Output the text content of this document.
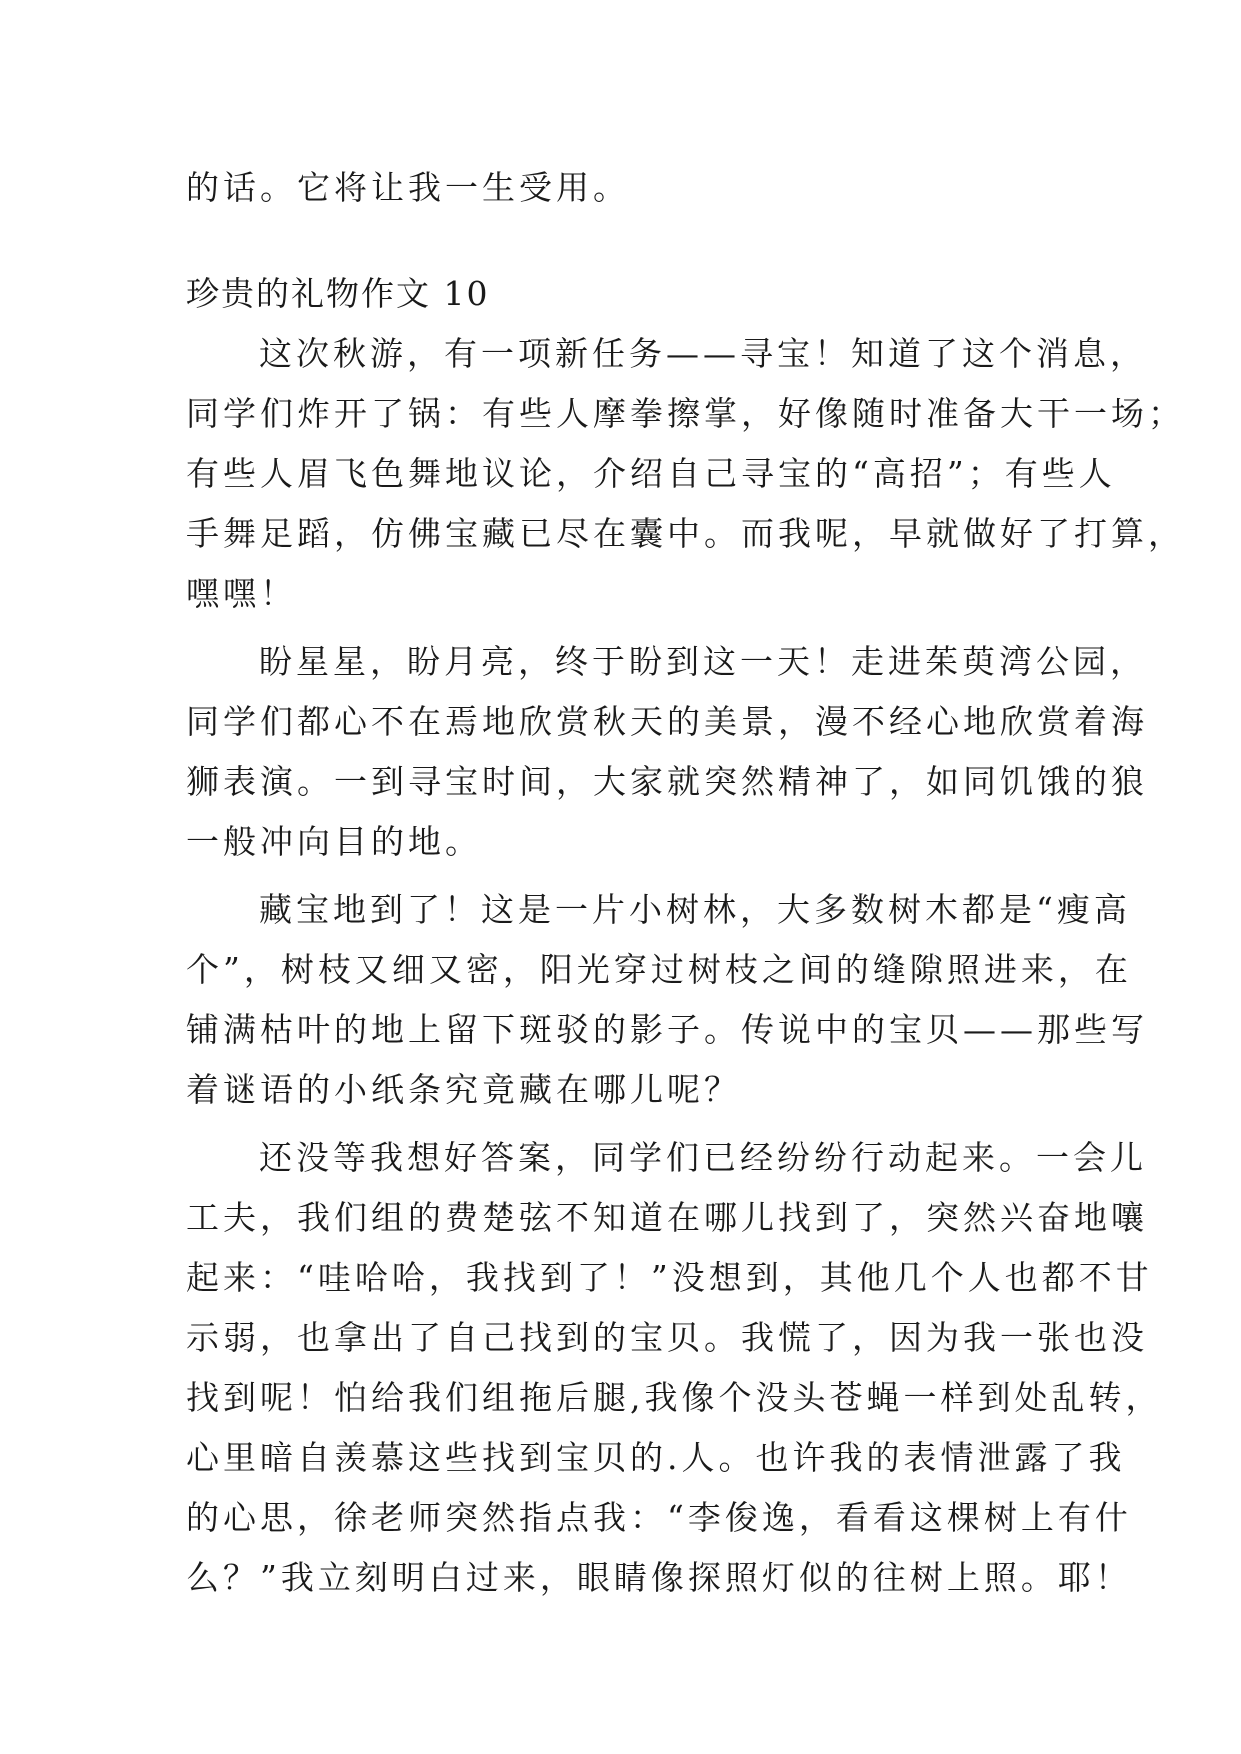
的话。它将让我一生受用。

珍贵的礼物作文 10

这次秋游，有一项新任务——寻宝！知道了这个消息，

同学们炸开了锅：有些人摩拳擦掌，好像随时准备大干一场；

有些人眉飞色舞地议论，介绍自己寻宝的“高招”；有些人

手舞足蹈，仿佛宝藏已尽在囊中。而我呢，早就做好了打算，

嘿嘿！

盼星星，盼月亮，终于盼到这一天！走进茱萸湾公园，

同学们都心不在焉地欣赏秋天的美景，漫不经心地欣赏着海

狮表演。一到寻宝时间，大家就突然精神了，如同饥饿的狼

一般冲向目的地。

藏宝地到了！这是一片小树林，大多数树木都是“瘦高

个”，树枝又细又密，阳光穿过树枝之间的缝隙照进来，在

铺满枯叶的地上留下斑驳的影子。传说中的宝贝——那些写

着谜语的小纸条究竟藏在哪儿呢？

还没等我想好答案，同学们已经纷纷行动起来。一会儿

工夫，我们组的费楚弦不知道在哪儿找到了，突然兴奋地嚷

起来：“哇哈哈，我找到了！”没想到，其他几个人也都不甘

示弱，也拿出了自己找到的宝贝。我慌了，因为我一张也没

找到呢！怕给我们组拖后腿,我像个没头苍蝇一样到处乱转，

心里暗自羡慕这些找到宝贝的.人。也许我的表情泄露了我

的心思，徐老师突然指点我：“李俊逸，看看这棵树上有什

么？”我立刻明白过来，眼睛像探照灯似的往树上照。耶！
